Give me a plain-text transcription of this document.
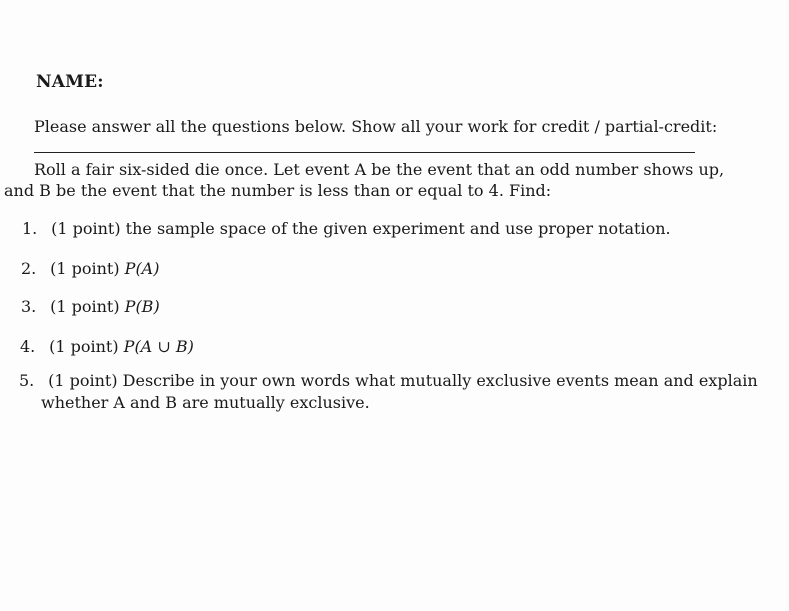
NAME:
Please answer all the questions below. Show all your work for credit / partial-credit:
Roll a fair six-sided die once. Let event A be the event that an odd number shows up, and B be the event that the number is less than or equal to 4. Find:
1. (1 point) the sample space of the given experiment and use proper notation.
2. (1 point) P(A)
3. (1 point) P(B)
4. (1 point) P(A ∪ B)
5. (1 point) Describe in your own words what mutually exclusive events mean and explain
whether A and B are mutually exclusive.
